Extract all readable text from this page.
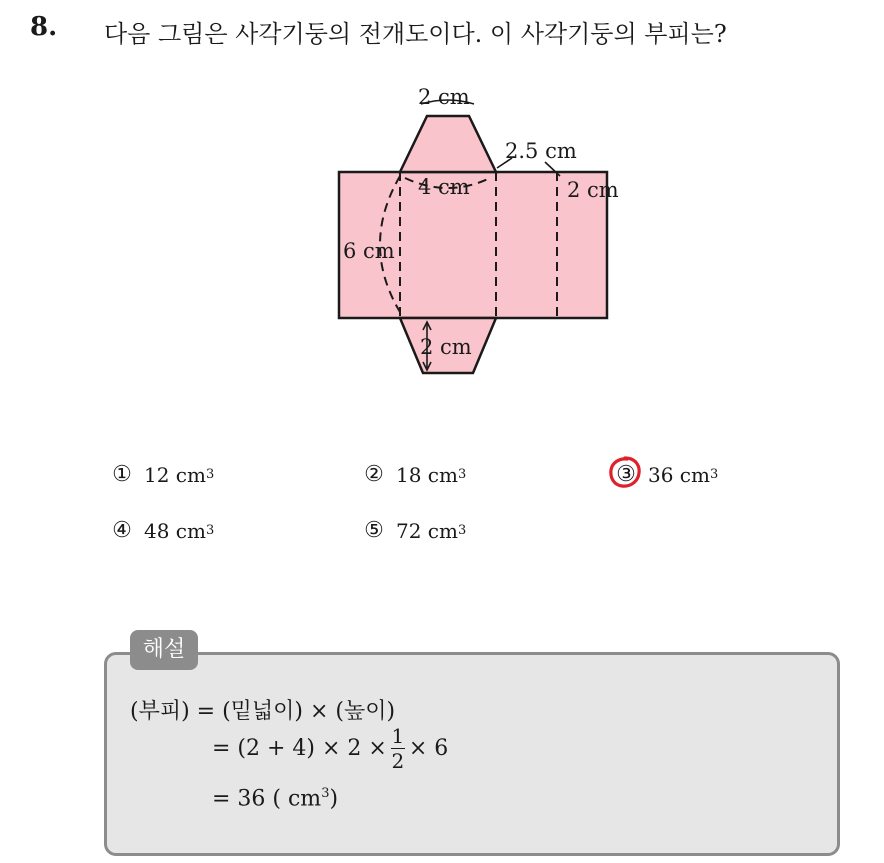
8. 다음 그림은 사각기둥의 전개도이다. 이 사각기둥의 부피는?
2 cm
2.5 cm
4 cm	2 cm
6 cm
2 cm
① 12 cm 3	② 18 cm 3	③ 36 cm 3
④ 48 cm 3	⑤ 72 cm 3
해설
(부피) = (밑넓이) × (높이)
= $(2 + 4) \times 2 \times \frac{1}{2} \times 6$
= 36 ( $cm^3$)
